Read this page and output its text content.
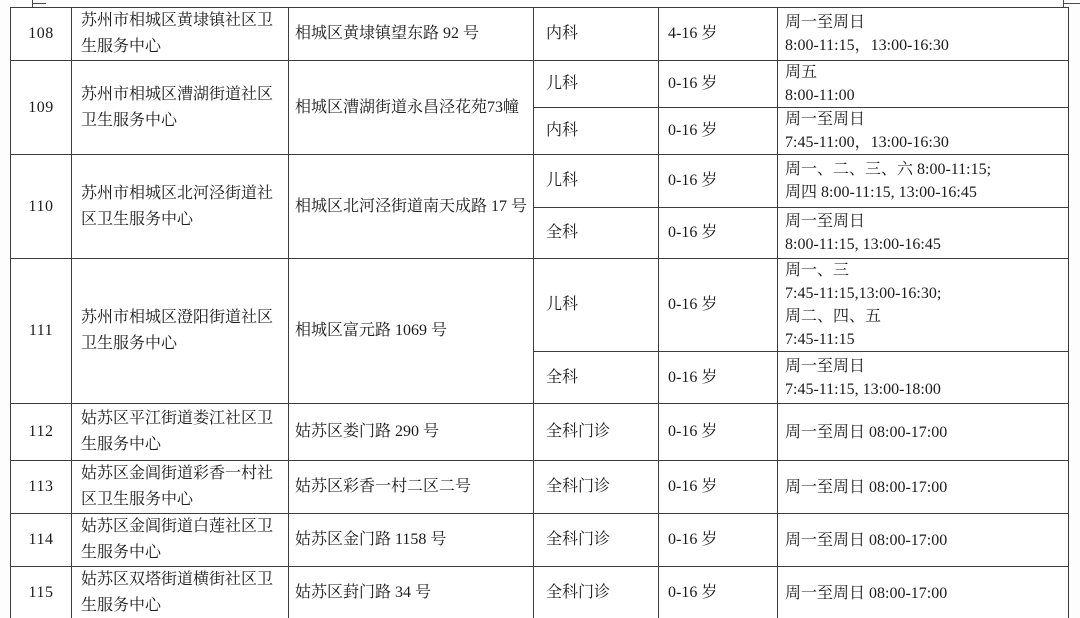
108	苏州市相城区黄埭镇社区卫生服务中心	相城区黄埭镇望东路 92 号	内科	4-16 岁	周一至周日
8:00-11:15，13:00-16:30

109	苏州市相城区漕湖街道社区卫生服务中心	相城区漕湖街道永昌泾花苑73幢	儿科	0-16 岁	周五
8:00-11:00

			内科	0-16 岁	周一至周日
7:45-11:00，13:00-16:30

110	苏州市相城区北河泾街道社区卫生服务中心	相城区北河泾街道南天成路 17 号	儿科	0-16 岁	周一、二、三、六 8:00-11:15;
周四 8:00-11:15, 13:00-16:45

			全科	0-16 岁	周一至周日
8:00-11:15, 13:00-16:45

111	苏州市相城区澄阳街道社区卫生服务中心	相城区富元路 1069 号	儿科	0-16 岁	周一、三
7:45-11:15,13:00-16:30;
周二、四、五
7:45-11:15

			全科	0-16 岁	周一至周日
7:45-11:15, 13:00-18:00

112	姑苏区平江街道娄江社区卫生服务中心	姑苏区娄门路 290 号	全科门诊	0-16 岁	周一至周日 08:00-17:00

113	姑苏区金阊街道彩香一村社区卫生服务中心	姑苏区彩香一村二区二号	全科门诊	0-16 岁	周一至周日 08:00-17:00

114	姑苏区金阊街道白莲社区卫生服务中心	姑苏区金门路 1158 号	全科门诊	0-16 岁	周一至周日 08:00-17:00

115	姑苏区双塔街道横街社区卫生服务中心	姑苏区葑门路 34 号	全科门诊	0-16 岁	周一至周日 08:00-17:00
